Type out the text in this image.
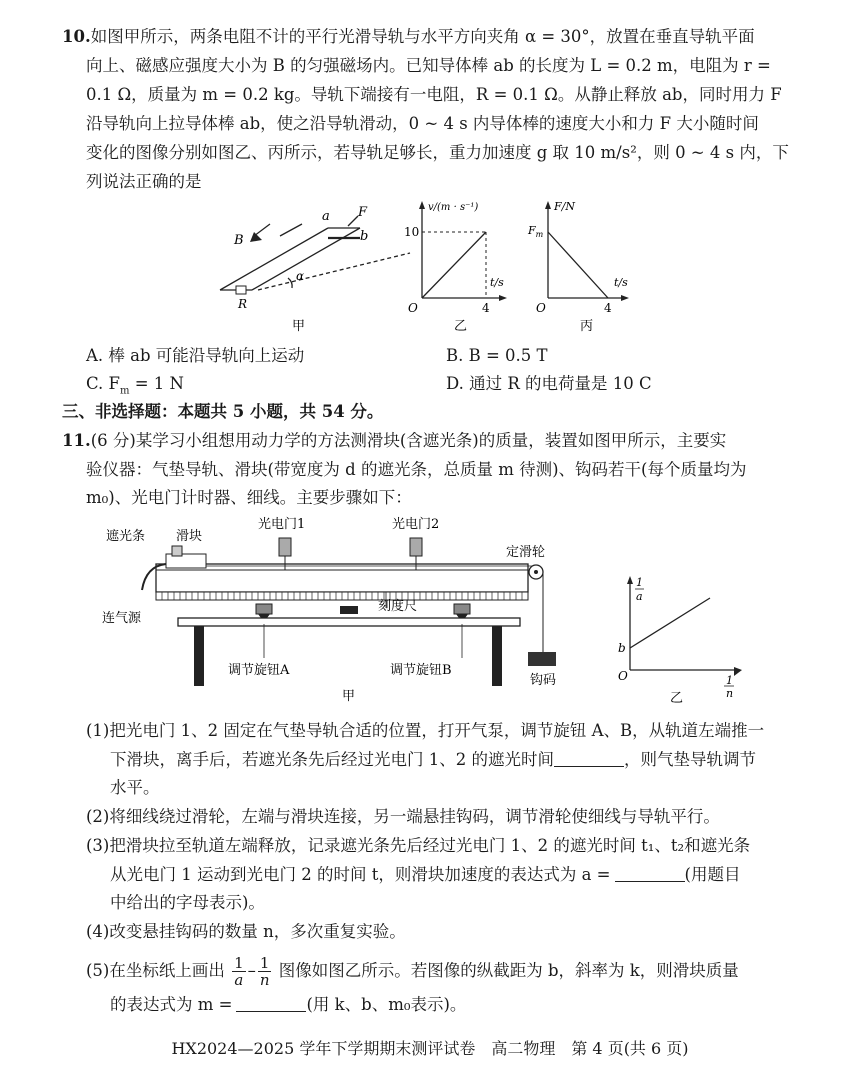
10.如图甲所示，两条电阻不计的平行光滑导轨与水平方向夹角 α = 30°，放置在垂直导轨平面
向上、磁感应强度大小为 B 的匀强磁场内。已知导体棒 ab 的长度为 L = 0.2 m，电阻为 r =
0.1 Ω，质量为 m = 0.2 kg。导轨下端接有一电阻，R = 0.1 Ω。从静止释放 ab，同时用力 F
沿导轨向上拉导体棒 ab，使之沿导轨滑动，0 ~ 4 s 内导体棒的速度大小和力 F 大小随时间
变化的图像分别如图乙、丙所示，若导轨足够长，重力加速度 g 取 10 m/s²，则 0 ~ 4 s 内，下
列说法正确的是
B
a
b
F
α
R
甲
v/(m · s⁻¹)
10
t/s
4
O
乙
F/N
$F_m$
t/s
4
O
丙
A. 棒 ab 可能沿导轨向上运动	B. B = 0.5 T
C. $F_m = 1$ N	D. 通过 R 的电荷量是 10 C
三、非选择题：本题共 5 小题，共 54 分。
11.(6 分)某学习小组想用动力学的方法测滑块(含遮光条)的质量，装置如图甲所示，主要实
验仪器：气垫导轨、滑块(带宽度为 d 的遮光条，总质量 m 待测)、钩码若干(每个质量均为
m₀)、光电门计时器、细线。主要步骤如下：
遮光条 滑块
光电门1	光电门2
定滑轮
连气源
刻度尺
调节旋钮A	调节旋钮B
钩码
甲
1
a
b
O	1
n
乙
(1)把光电门 1、2 固定在气垫导轨合适的位置，打开气泵，调节旋钮 A、B，从轨道左端推一
下滑块，离手后，若遮光条先后经过光电门 1、2 的遮光时间	，则气垫导轨调节
水平。
(2)将细线绕过滑轮，左端与滑块连接，另一端悬挂钩码，调节滑轮使细线与导轨平行。
(3)把滑块拉至轨道左端释放，记录遮光条先后经过光电门 1、2 的遮光时间 t₁、t₂和遮光条
从光电门 1 运动到光电门 2 的时间 t，则滑块加速度的表达式为 a =	(用题目
中给出的字母表示)。
(4)改变悬挂钩码的数量 n，多次重复实验。
(5)在坐标纸上画出 $\frac{1}{a} - \frac{1}{n}$ 图像如图乙所示。若图像的纵截距为 b，斜率为 k，则滑块质量
的表达式为 m =	(用 k、b、m₀表示)。
HX2024—2025 学年下学期期末测评试卷　高二物理　第 4 页(共 6 页)
